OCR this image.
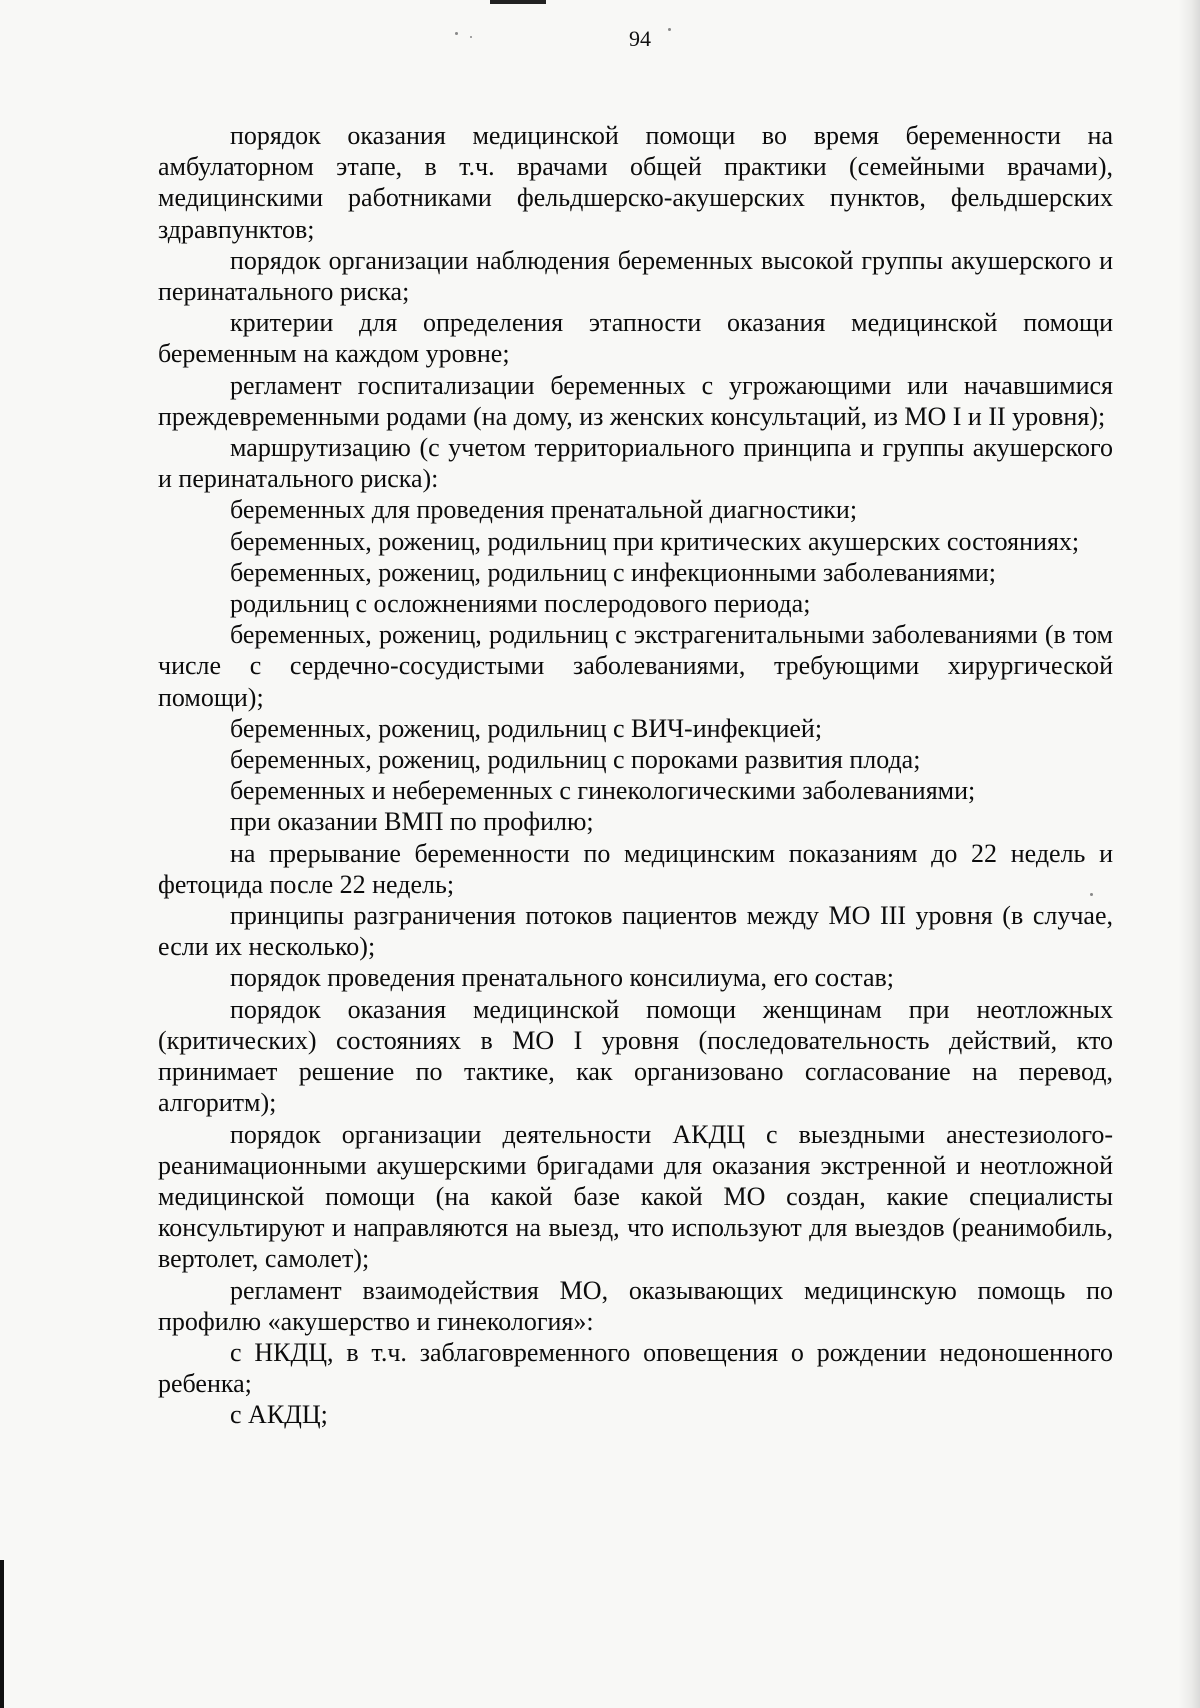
94

порядок оказания медицинской помощи во время беременности на амбулаторном этапе, в т.ч. врачами общей практики (семейными врачами), медицинскими работниками фельдшерско-акушерских пунктов, фельдшерских здравпунктов;

порядок организации наблюдения беременных высокой группы акушерского и перинатального риска;

критерии для определения этапности оказания медицинской помощи беременным на каждом уровне;

регламент госпитализации беременных с угрожающими или начавшимися преждевременными родами (на дому, из женских консультаций, из МО I и II уровня);

маршрутизацию (с учетом территориального принципа и группы акушерского и перинатального риска):

беременных для проведения пренатальной диагностики;

беременных, рожениц, родильниц при критических акушерских состояниях;

беременных, рожениц, родильниц с инфекционными заболеваниями;

родильниц с осложнениями послеродового периода;

беременных, рожениц, родильниц с экстрагенитальными заболеваниями (в том числе с сердечно-сосудистыми заболеваниями, требующими хирургической помощи);

беременных, рожениц, родильниц с ВИЧ-инфекцией;

беременных, рожениц, родильниц с пороками развития плода;

беременных и небеременных с гинекологическими заболеваниями;

при оказании ВМП по профилю;

на прерывание беременности по медицинским показаниям до 22 недель и фетоцида после 22 недель;

принципы разграничения потоков пациентов между МО III уровня (в случае, если их несколько);

порядок проведения пренатального консилиума, его состав;

порядок оказания медицинской помощи женщинам при неотложных (критических) состояниях в МО I уровня (последовательность действий, кто принимает решение по тактике, как организовано согласование на перевод, алгоритм);

порядок организации деятельности АКДЦ с выездными анестезиолого-реанимационными акушерскими бригадами для оказания экстренной и неотложной медицинской помощи (на какой базе какой МО создан, какие специалисты консультируют и направляются на выезд, что используют для выездов (реанимобиль, вертолет, самолет);

регламент взаимодействия МО, оказывающих медицинскую помощь по профилю «акушерство и гинекология»:

с НКДЦ, в т.ч. заблаговременного оповещения о рождении недоношенного ребенка;

с АКДЦ;
